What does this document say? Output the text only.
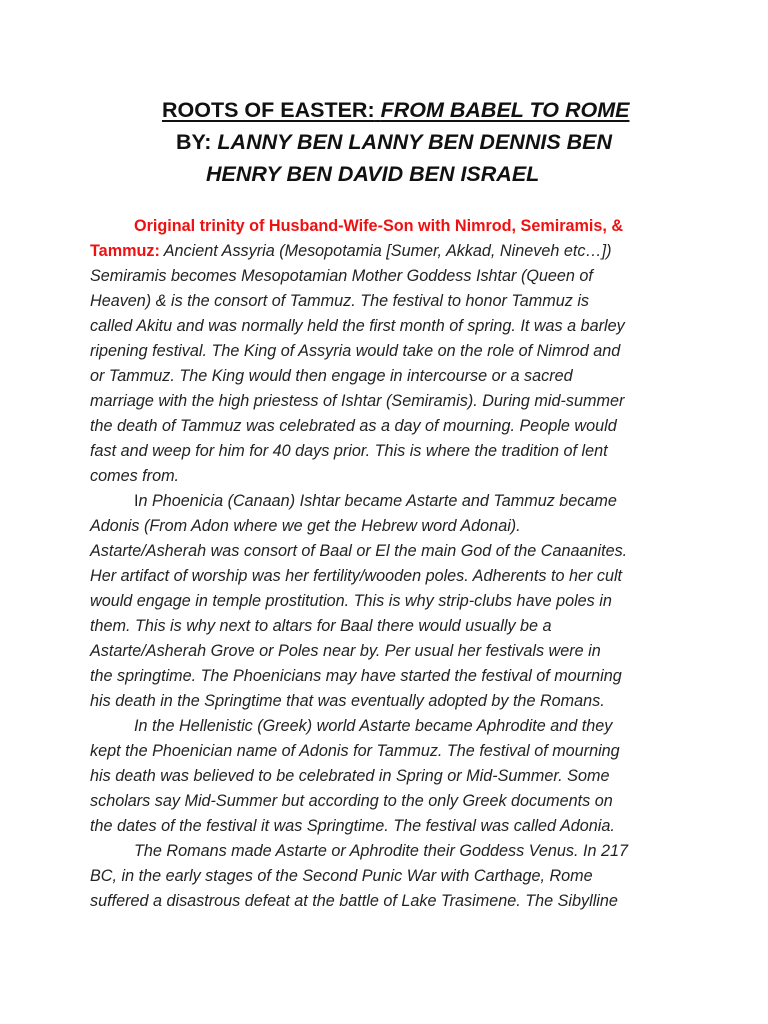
ROOTS OF EASTER: FROM BABEL TO ROME
BY: LANNY BEN LANNY BEN DENNIS BEN
HENRY BEN DAVID BEN ISRAEL
Original trinity of Husband-Wife-Son with Nimrod, Semiramis, &
Tammuz: Ancient Assyria (Mesopotamia [Sumer, Akkad, Nineveh etc…])
Semiramis becomes Mesopotamian Mother Goddess Ishtar (Queen of
Heaven) & is the consort of Tammuz. The festival to honor Tammuz is
called Akitu and was normally held the first month of spring. It was a barley
ripening festival. The King of Assyria would take on the role of Nimrod and
or Tammuz. The King would then engage in intercourse or a sacred
marriage with the high priestess of Ishtar (Semiramis). During mid-summer
the death of Tammuz was celebrated as a day of mourning. People would
fast and weep for him for 40 days prior. This is where the tradition of lent
comes from.
In Phoenicia (Canaan) Ishtar became Astarte and Tammuz became
Adonis (From Adon where we get the Hebrew word Adonai).
Astarte/Asherah was consort of Baal or El the main God of the Canaanites.
Her artifact of worship was her fertility/wooden poles. Adherents to her cult
would engage in temple prostitution. This is why strip-clubs have poles in
them. This is why next to altars for Baal there would usually be a
Astarte/Asherah Grove or Poles near by. Per usual her festivals were in
the springtime. The Phoenicians may have started the festival of mourning
his death in the Springtime that was eventually adopted by the Romans.
In the Hellenistic (Greek) world Astarte became Aphrodite and they
kept the Phoenician name of Adonis for Tammuz. The festival of mourning
his death was believed to be celebrated in Spring or Mid-Summer. Some
scholars say Mid-Summer but according to the only Greek documents on
the dates of the festival it was Springtime. The festival was called Adonia.
The Romans made Astarte or Aphrodite their Goddess Venus. In 217
BC, in the early stages of the Second Punic War with Carthage, Rome
suffered a disastrous defeat at the battle of Lake Trasimene. The Sibylline
